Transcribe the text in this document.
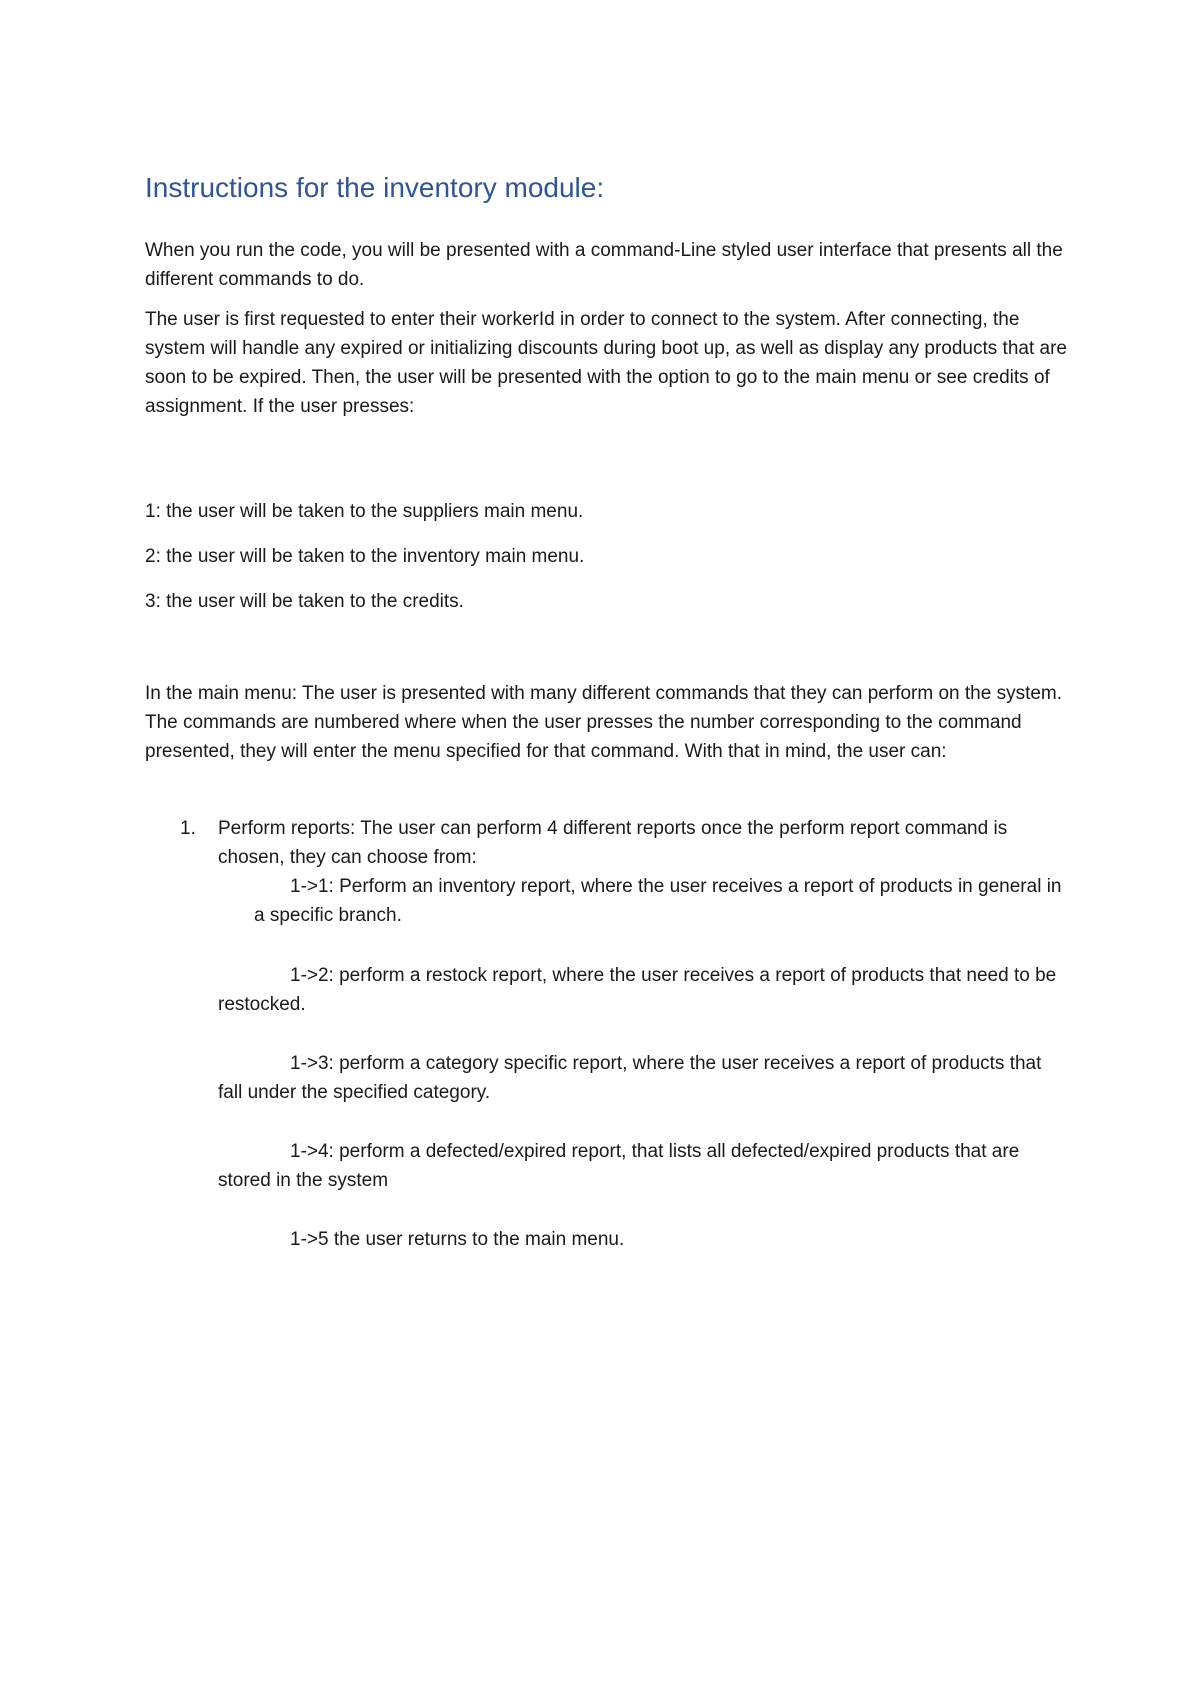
Instructions for the inventory module:

When you run the code, you will be presented with a command-Line styled user interface that presents all the different commands to do.

The user is first requested to enter their workerId in order to connect to the system. After connecting, the system will handle any expired or initializing discounts during boot up, as well as display any products that are soon to be expired. Then, the user will be presented with the option to go to the main menu or see credits of assignment. If the user presses:

1: the user will be taken to the suppliers main menu.

2: the user will be taken to the inventory main menu.

3: the user will be taken to the credits.

In the main menu: The user is presented with many different commands that they can perform on the system. The commands are numbered where when the user presses the number corresponding to the command presented, they will enter the menu specified for that command. With that in mind, the user can:

1. Perform reports: The user can perform 4 different reports once the perform report command is chosen, they can choose from:

1->1: Perform an inventory report, where the user receives a report of products in general in a specific branch.

1->2: perform a restock report, where the user receives a report of products that need to be restocked.

1->3: perform a category specific report, where the user receives a report of products that fall under the specified category.

1->4: perform a defected/expired report, that lists all defected/expired products that are stored in the system

1->5 the user returns to the main menu.
